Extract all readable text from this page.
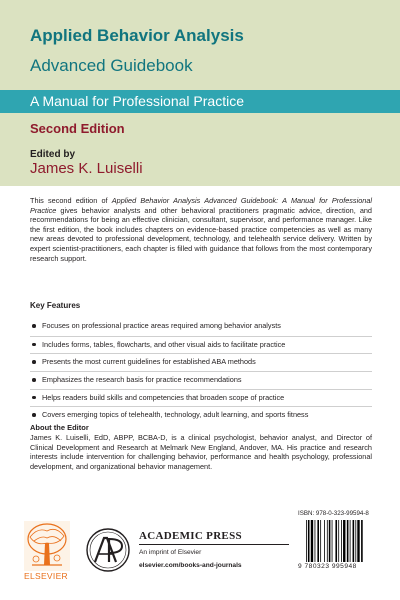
Applied Behavior Analysis
Advanced Guidebook
A Manual for Professional Practice
Second Edition
Edited by
James K. Luiselli

This second edition of Applied Behavior Analysis Advanced Guidebook: A Manual for Professional Practice gives behavior analysts and other behavioral practitioners pragmatic advice, direction, and recommendations for being an effective clinician, consultant, supervisor, and performance manager. Like the first edition, the book includes chapters on evidence-based practice competencies as well as many new areas devoted to professional development, technology, and telehealth service delivery. Written by expert scientist-practitioners, each chapter is filled with guidance that follows from the most contemporary research support.

Key Features
Focuses on professional practice areas required among behavior analysts
Includes forms, tables, flowcharts, and other visual aids to facilitate practice
Presents the most current guidelines for established ABA methods
Emphasizes the research basis for practice recommendations
Helps readers build skills and competencies that broaden scope of practice
Covers emerging topics of telehealth, technology, adult learning, and sports fitness
About the Editor

James K. Luiselli, EdD, ABPP, BCBA-D, is a clinical psychologist, behavior analyst, and Director of Clinical Development and Research at Melmark New England, Andover, MA. His practice and research interests include intervention for challenging behavior, performance and health psychology, professional development, and organizational behavior management.

ELSEVIER
ACADEMIC PRESS
An imprint of Elsevier
elsevier.com/books-and-journals
ISBN: 978-0-323-99594-8
9 780323 995948
